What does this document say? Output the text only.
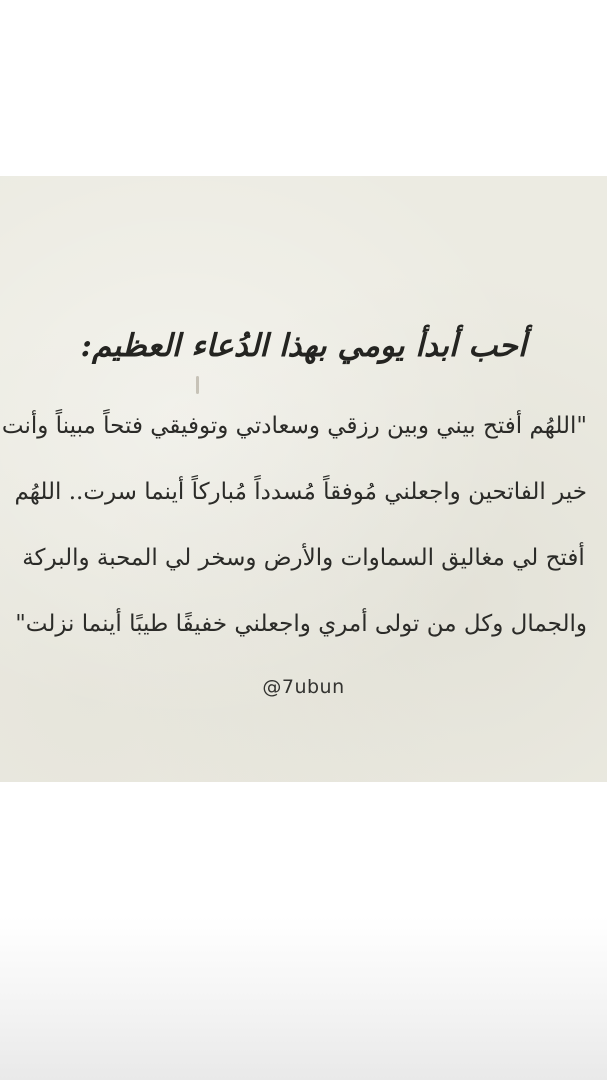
أحب أبدأ يومي بهذا الدُعاء العظيم:
"اللهُم أفتح بيني وبين رزقي وسعادتي وتوفيقي فتحاً مبيناً وأنت
خير الفاتحين واجعلني مُوفقاً مُسدداً مُباركاً أينما سرت.. اللهُم
أفتح لي مغاليق السماوات والأرض وسخر لي المحبة والبركة
والجمال وكل من تولى أمري واجعلني خفيفًا طيبًا أينما نزلت"
@7ubun
